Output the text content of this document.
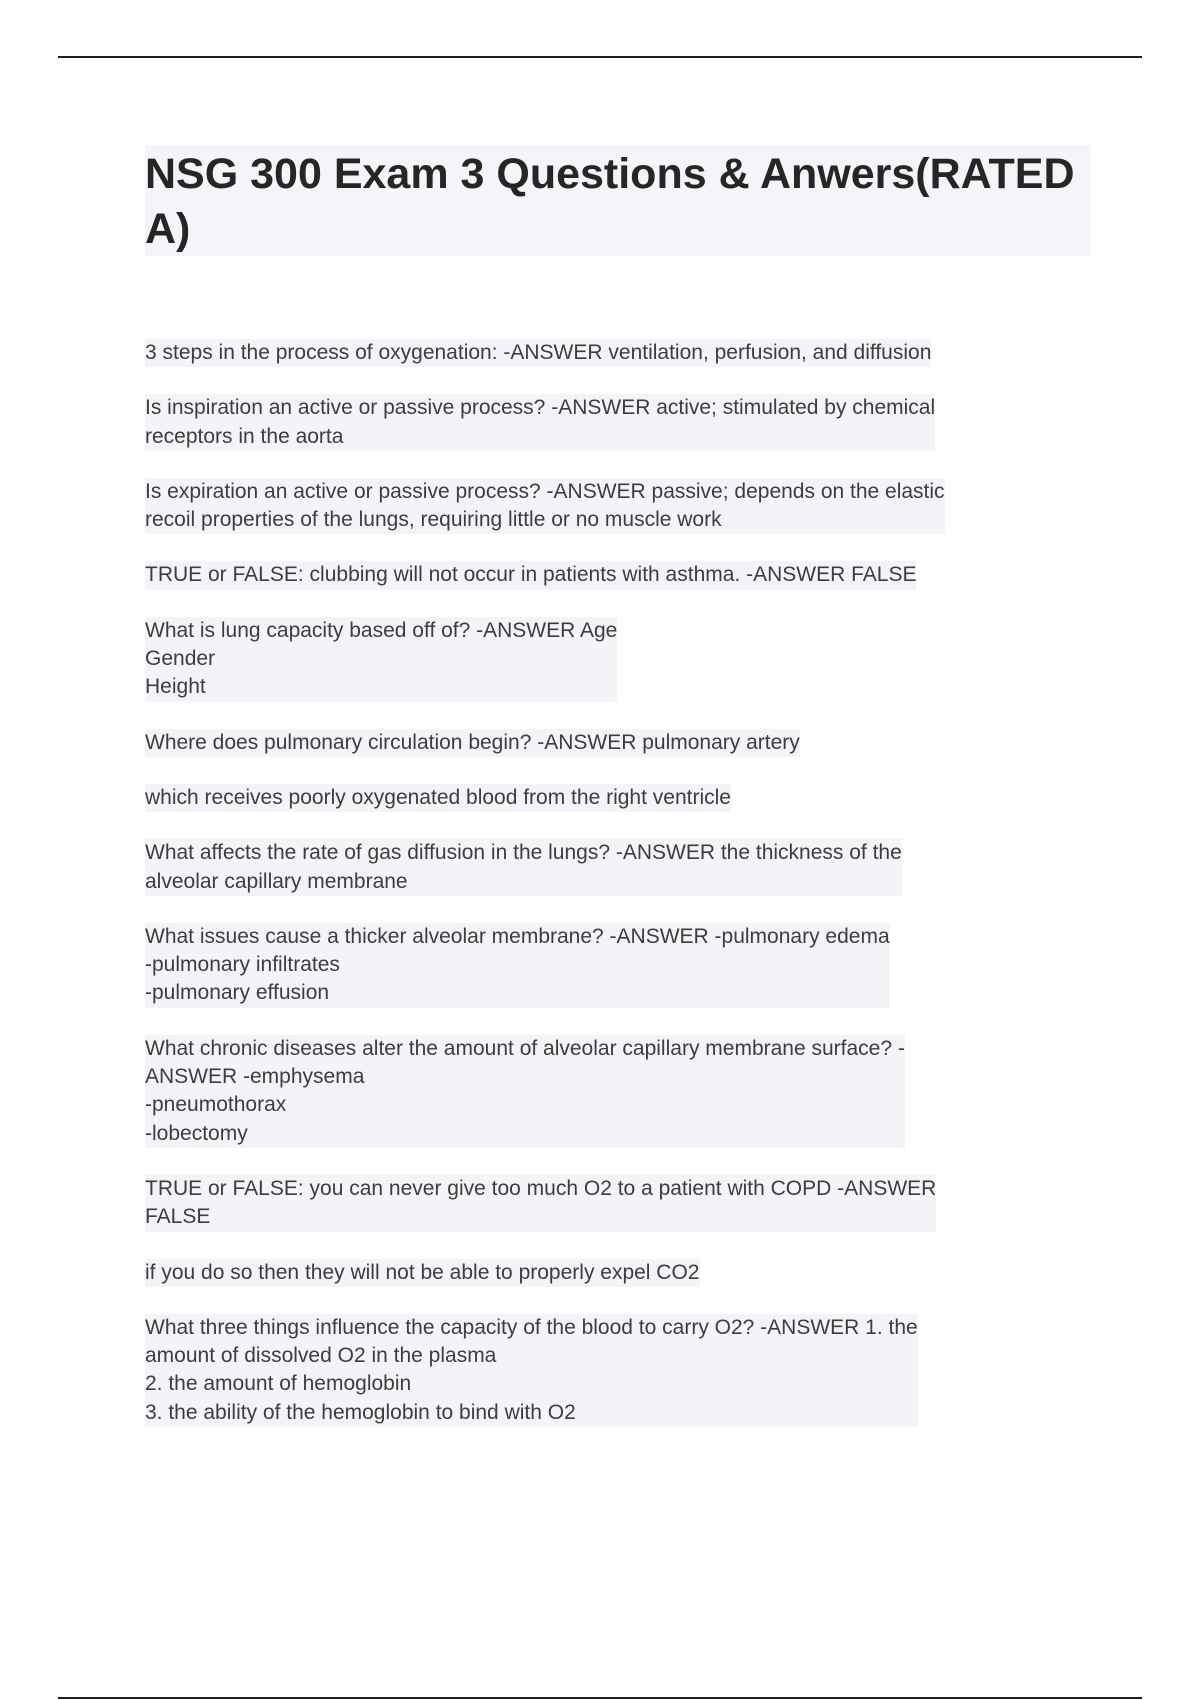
NSG 300 Exam 3 Questions & Anwers(RATED A)
3 steps in the process of oxygenation: -ANSWER ventilation, perfusion, and diffusion
Is inspiration an active or passive process? -ANSWER active; stimulated by chemical
receptors in the aorta
Is expiration an active or passive process? -ANSWER passive; depends on the elastic
recoil properties of the lungs, requiring little or no muscle work
TRUE or FALSE: clubbing will not occur in patients with asthma. -ANSWER FALSE
What is lung capacity based off of? -ANSWER Age
Gender
Height
Where does pulmonary circulation begin? -ANSWER pulmonary artery
which receives poorly oxygenated blood from the right ventricle
What affects the rate of gas diffusion in the lungs? -ANSWER the thickness of the
alveolar capillary membrane
What issues cause a thicker alveolar membrane? -ANSWER -pulmonary edema
-pulmonary infiltrates
-pulmonary effusion
What chronic diseases alter the amount of alveolar capillary membrane surface? -
ANSWER -emphysema
-pneumothorax
-lobectomy
TRUE or FALSE: you can never give too much O2 to a patient with COPD -ANSWER
FALSE
if you do so then they will not be able to properly expel CO2
What three things influence the capacity of the blood to carry O2? -ANSWER 1. the
amount of dissolved O2 in the plasma
2. the amount of hemoglobin
3. the ability of the hemoglobin to bind with O2
